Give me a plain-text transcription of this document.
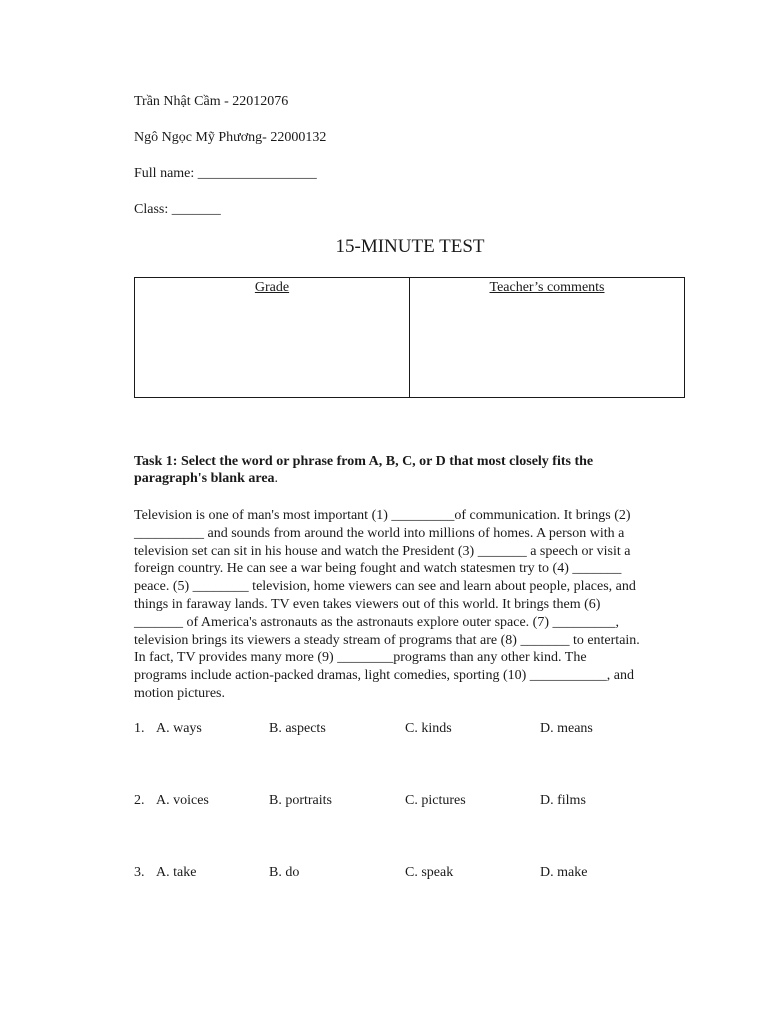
Trần Nhật Cầm - 22012076
Ngô Ngọc Mỹ Phương- 22000132
Full name: _________________
Class: _______
15-MINUTE TEST
Grade	Teacher’s comments
Task 1: Select the word or phrase from A, B, C, or D that most closely fits the
paragraph's blank area.
Television is one of man's most important (1) _________of communication. It brings (2)
__________ and sounds from around the world into millions of homes. A person with a
television set can sit in his house and watch the President (3) _______ a speech or visit a
foreign country. He can see a war being fought and watch statesmen try to (4) _______
peace. (5) ________ television, home viewers can see and learn about people, places, and
things in faraway lands. TV even takes viewers out of this world. It brings them (6)
_______ of America's astronauts as the astronauts explore outer space. (7) _________,
television brings its viewers a steady stream of programs that are (8) _______ to entertain.
In fact, TV provides many more (9) ________programs than any other kind. The
programs include action-packed dramas, light comedies, sporting (10) ___________, and
motion pictures.
1. A. ways	B. aspects	C. kinds	D. means
2. A. voices	B. portraits	C. pictures	D. films
3. A. take	B. do	C. speak	D. make
